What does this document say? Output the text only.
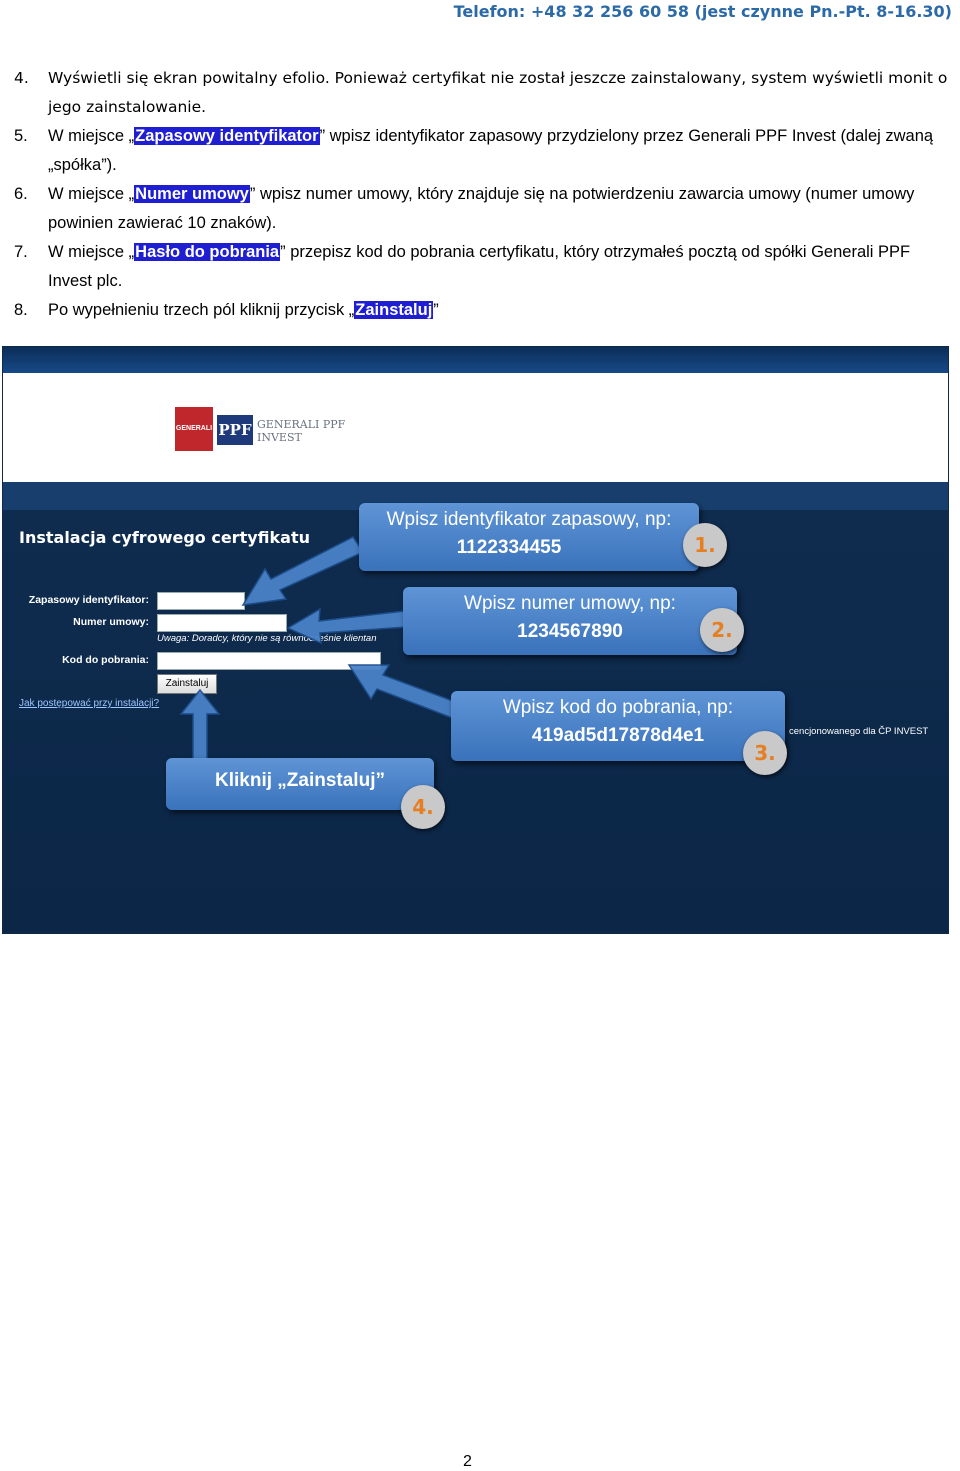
Telefon: +48 32 256 60 58 (jest czynne Pn.-Pt. 8-16.30)
4. Wyświetli się ekran powitalny efolio. Ponieważ certyfikat nie został jeszcze zainstalowany, system wyświetli monit o jego zainstalowanie.
5. W miejsce „Zapasowy identyfikator” wpisz identyfikator zapasowy przydzielony przez Generali PPF Invest (dalej zwaną „spółka”).
6. W miejsce „Numer umowy” wpisz numer umowy, który znajduje się na potwierdzeniu zawarcia umowy (numer umowy powinien zawierać 10 znaków).
7. W miejsce „Hasło do pobrania” przepisz kod do pobrania certyfikatu, który otrzymałeś pocztą od spółki Generali PPF Invest plc.
8. Po wypełnieniu trzech pól kliknij przycisk „Zainstaluj”
GENERALI GROUP
PPF GENERALI PPF
INVEST
Instalacja cyfrowego certyfikatu
Zapasowy identyfikator:
Numer umowy:
Uwaga: Doradcy, który nie są równocześnie klientan
Kod do pobrania:
Zainstaluj
Jak postępować przy instalacji?
cencjonowanego dla ČP INVEST
Wpisz identyfikator zapasowy, np:
1122334455	1.
Wpisz numer umowy, np:
1234567890	2.
Wpisz kod do pobrania, np:
419ad5d17878d4e1
3.
Kliknij „Zainstaluj”
4.
2
